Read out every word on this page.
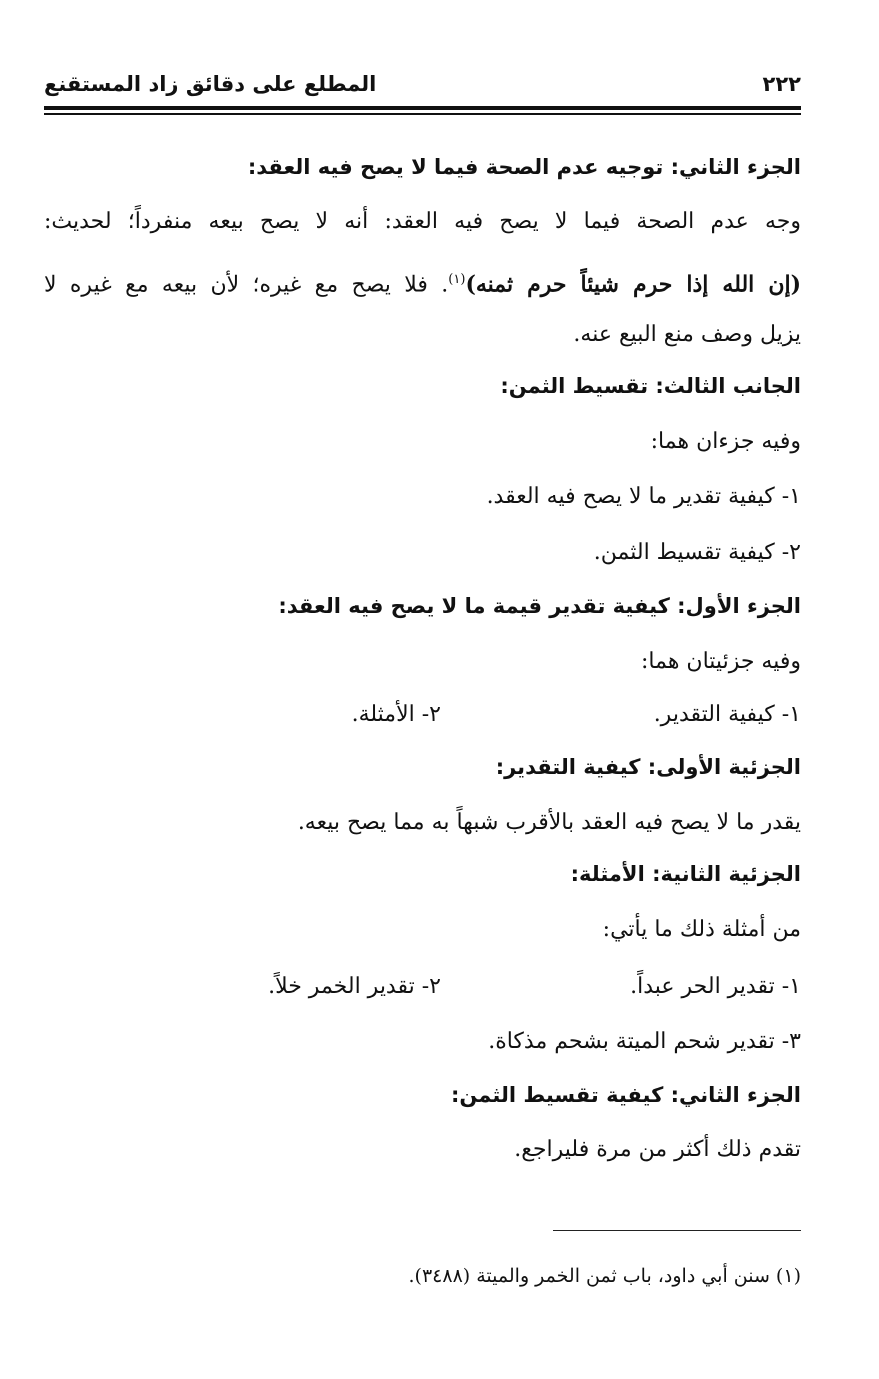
٢٢٢
المطلع على دقائق زاد المستقنع
الجزء الثاني: توجيه عدم الصحة فيما لا يصح فيه العقد:
وجه عدم الصحة فيما لا يصح فيه العقد: أنه لا يصح بيعه منفرداً؛ لحديث:
(إن الله إذا حرم شيئاً حرم ثمنه)$^{(١)}$. فلا يصح مع غيره؛ لأن بيعه مع غيره لا
يزيل وصف منع البيع عنه.
الجانب الثالث: تقسيط الثمن:
وفيه جزءان هما:
١- كيفية تقدير ما لا يصح فيه العقد.
٢- كيفية تقسيط الثمن.
الجزء الأول: كيفية تقدير قيمة ما لا يصح فيه العقد:
وفيه جزئيتان هما:
١- كيفية التقدير.
٢- الأمثلة.
الجزئية الأولى: كيفية التقدير:
يقدر ما لا يصح فيه العقد بالأقرب شبهاً به مما يصح بيعه.
الجزئية الثانية: الأمثلة:
من أمثلة ذلك ما يأتي:
١- تقدير الحر عبداً.
٢- تقدير الخمر خلاً.
٣- تقدير شحم الميتة بشحم مذكاة.
الجزء الثاني: كيفية تقسيط الثمن:
تقدم ذلك أكثر من مرة فليراجع.
(١) سنن أبي داود، باب ثمن الخمر والميتة (٣٤٨٨).
